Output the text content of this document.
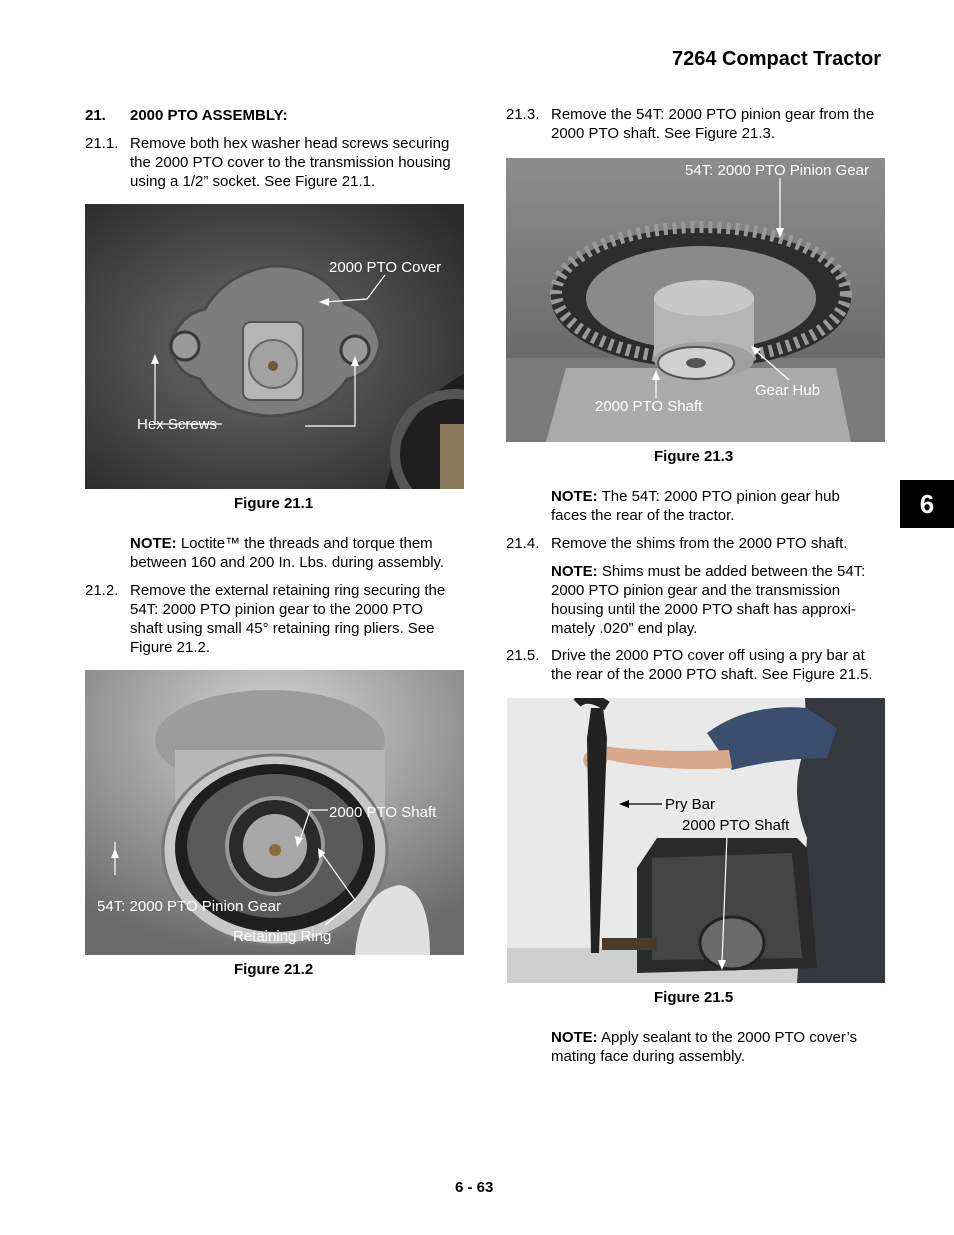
7264 Compact Tractor
21. 2000 PTO ASSEMBLY:
21.1. Remove both hex washer head screws securing
the 2000 PTO cover to the transmission housing
using a 1/2” socket. See Figure 21.1.
2000 PTO Cover
Hex Screws
Figure 21.1
NOTE: Loctite™ the threads and torque them
between 160 and 200 In. Lbs. during assembly.
21.2. Remove the external retaining ring securing the
54T: 2000 PTO pinion gear to the 2000 PTO
shaft using small 45° retaining ring pliers. See
Figure 21.2.
2000 PTO Shaft
54T: 2000 PTO Pinion Gear
Retaining Ring
Figure 21.2
21.3. Remove the 54T: 2000 PTO pinion gear from the
2000 PTO shaft. See Figure 21.3.
54T: 2000 PTO Pinion Gear
2000 PTO Shaft
Gear Hub
Figure 21.3
NOTE: The 54T: 2000 PTO pinion gear hub
faces the rear of the tractor.
21.4. Remove the shims from the 2000 PTO shaft.
NOTE: Shims must be added between the 54T:
2000 PTO pinion gear and the transmission
housing until the 2000 PTO shaft has approxi-
mately .020” end play.
21.5. Drive the 2000 PTO cover off using a pry bar at
the rear of the 2000 PTO shaft. See Figure 21.5.
Pry Bar
2000 PTO Shaft
Figure 21.5
NOTE: Apply sealant to the 2000 PTO cover’s
mating face during assembly.
6
6 - 63
